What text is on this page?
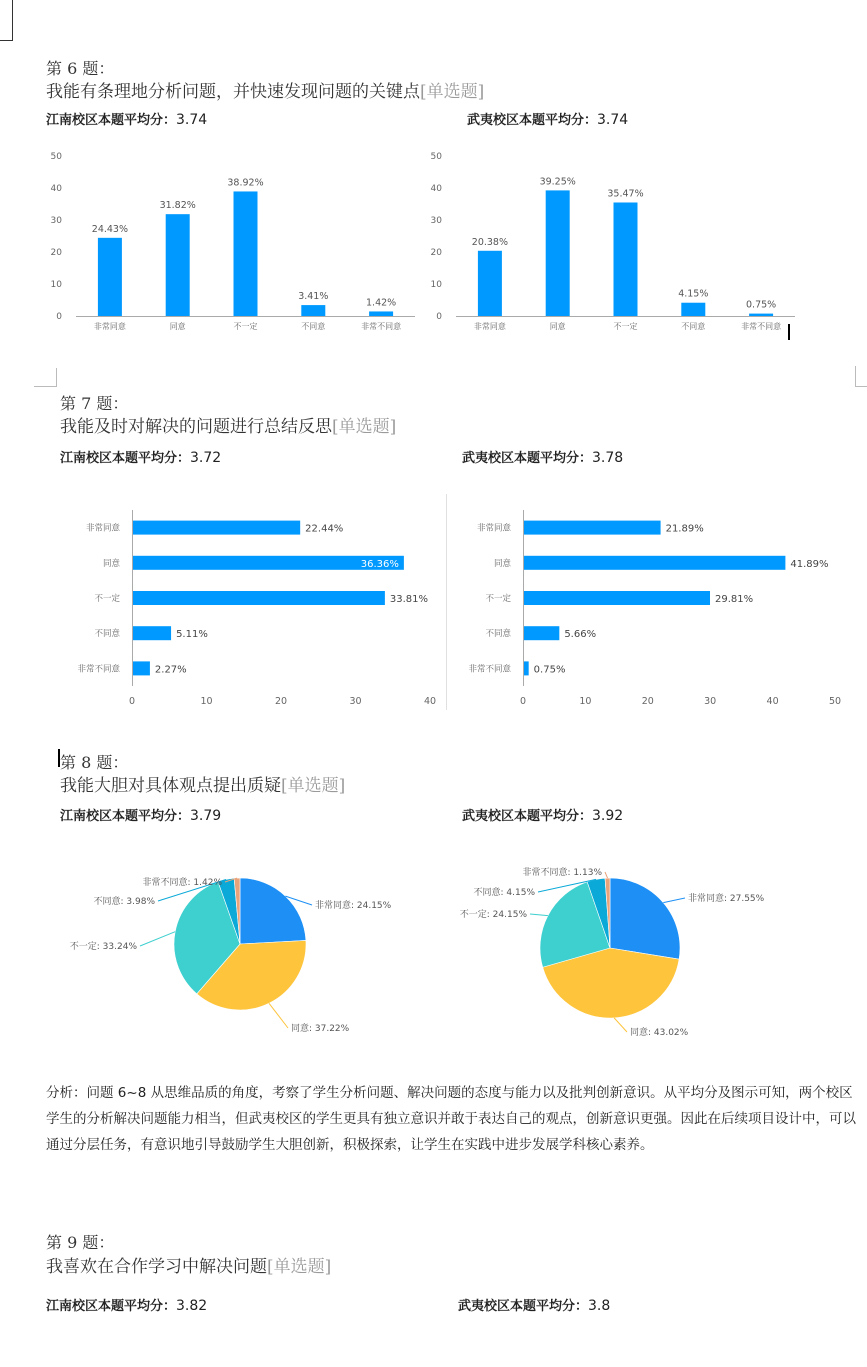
第 6 题：
我能有条理地分析问题，并快速发现问题的关键点[单选题]
江南校区本题平均分：3.74	武夷校区本题平均分：3.74
0
10
20
30
40
50
24.43%
非常同意
31.82%
同意
38.92%
不一定
3.41%
不同意
1.42%
非常不同意
0
10
20
30
40
50
20.38%
非常同意
39.25%
同意
35.47%
不一定
4.15%
不同意
0.75%
非常不同意
第 7 题：
我能及时对解决的问题进行总结反思[单选题]
江南校区本题平均分：3.72	武夷校区本题平均分：3.78
22.44%
非常同意
36.36%
同意
33.81%
不一定
5.11%
不同意
2.27%
非常不同意
0	10	20	30	40
21.89%
非常同意
41.89%
同意
29.81%
不一定
5.66%
不同意
0.75%
非常不同意
0	10	20	30	40	50
第 8 题：
我能大胆对具体观点提出质疑[单选题]
江南校区本题平均分：3.79	武夷校区本题平均分：3.92
非常同意: 24.15%
同意: 37.22%
不一定: 33.24%
不同意: 3.98%
非常不同意: 1.42%
非常同意: 27.55%
同意: 43.02%
不一定: 24.15%
不同意: 4.15%
非常不同意: 1.13%
分析：问题 6~8 从思维品质的角度，考察了学生分析问题、解决问题的态度与能力以及批判创新意识。从平均分及图示可知，两个校区学生的分析解决问题能力相当，但武夷校区的学生更具有独立意识并敢于表达自己的观点，创新意识更强。因此在后续项目设计中，可以通过分层任务，有意识地引导鼓励学生大胆创新，积极探索，让学生在实践中进步发展学科核心素养。
第 9 题：
我喜欢在合作学习中解决问题[单选题]
江南校区本题平均分：3.82	武夷校区本题平均分：3.8
